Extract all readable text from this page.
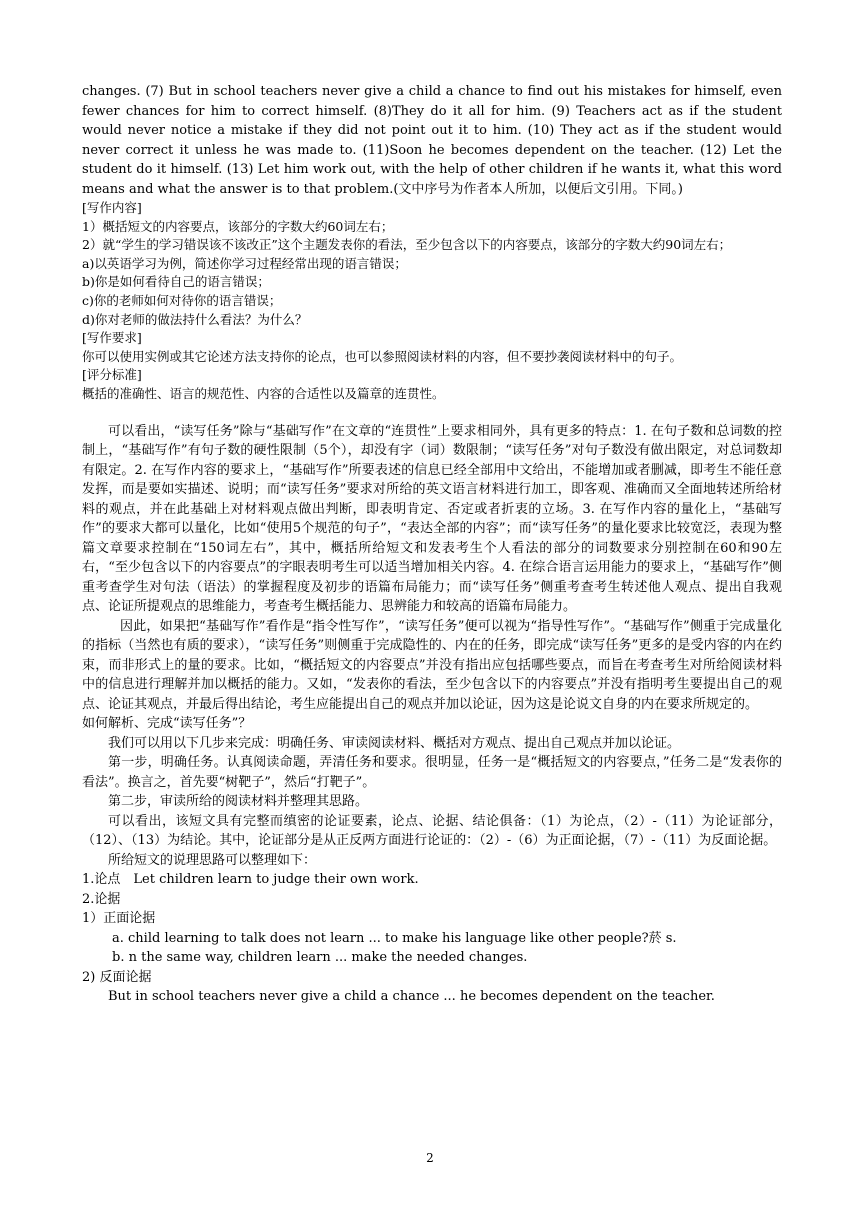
changes. (7) But in school teachers never give a child a chance to find out his mistakes for himself, even fewer chances for him to correct himself. (8)They do it all for him. (9) Teachers act as if the student would never notice a mistake if they did not point out it to him. (10) They act as if the student would never correct it unless he was made to. (11)Soon he becomes dependent on the teacher. (12) Let the student do it himself. (13) Let him work out, with the help of other children if he wants it, what this word means and what the answer is to that problem.(文中序号为作者本人所加，以便后文引用。下同。)

[写作内容]

1）概括短文的内容要点，该部分的字数大约60词左右；

2）就“学生的学习错误该不该改正”这个主题发表你的看法，至少包含以下的内容要点，该部分的字数大约90词左右；

a)以英语学习为例，简述你学习过程经常出现的语言错误；

b)你是如何看待自己的语言错误；

c)你的老师如何对待你的语言错误；

d)你对老师的做法持什么看法？为什么？

[写作要求]

你可以使用实例或其它论述方法支持你的论点，也可以参照阅读材料的内容，但不要抄袭阅读材料中的句子。

[评分标准]

概括的准确性、语言的规范性、内容的合适性以及篇章的连贯性。

可以看出，“读写任务”除与“基础写作”在文章的“连贯性”上要求相同外，具有更多的特点：1. 在句子数和总词数的控制上，“基础写作”有句子数的硬性限制（5个），却没有字（词）数限制；“读写任务”对句子数没有做出限定，对总词数却有限定。2. 在写作内容的要求上，“基础写作”所要表述的信息已经全部用中文给出，不能增加或者删减，即考生不能任意发挥，而是要如实描述、说明；而“读写任务”要求对所给的英文语言材料进行加工，即客观、准确而又全面地转述所给材料的观点，并在此基础上对材料观点做出判断，即表明肯定、否定或者折衷的立场。3. 在写作内容的量化上，“基础写作”的要求大都可以量化，比如“使用5个规范的句子”，“表达全部的内容”；而“读写任务”的量化要求比较宽泛，表现为整篇文章要求控制在“150词左右”，其中，概括所给短文和发表考生个人看法的部分的词数要求分别控制在60和90左右，“至少包含以下的内容要点”的字眼表明考生可以适当增加相关内容。4. 在综合语言运用能力的要求上，“基础写作”侧重考查学生对句法（语法）的掌握程度及初步的语篇布局能力；而“读写任务”侧重考查考生转述他人观点、提出自我观点、论证所提观点的思维能力，考查考生概括能力、思辨能力和较高的语篇布局能力。

因此，如果把“基础写作”看作是“指令性写作”，“读写任务”便可以视为“指导性写作”。“基础写作”侧重于完成量化的指标（当然也有质的要求），“读写任务”则侧重于完成隐性的、内在的任务，即完成“读写任务”更多的是受内容的内在约束，而非形式上的量的要求。比如，“概括短文的内容要点”并没有指出应包括哪些要点，而旨在考查考生对所给阅读材料中的信息进行理解并加以概括的能力。又如，“发表你的看法，至少包含以下的内容要点”并没有指明考生要提出自己的观点、论证其观点，并最后得出结论，考生应能提出自己的观点并加以论证，因为这是论说文自身的内在要求所规定的。

如何解析、完成“读写任务”？

我们可以用以下几步来完成：明确任务、审读阅读材料、概括对方观点、提出自己观点并加以论证。

第一步，明确任务。认真阅读命题，弄清任务和要求。很明显，任务一是“概括短文的内容要点，”任务二是“发表你的看法”。换言之，首先要“树靶子”，然后“打靶子”。

第二步，审读所给的阅读材料并整理其思路。

可以看出，该短文具有完整而缜密的论证要素，论点、论据、结论俱备：（1）为论点，（2）-（11）为论证部分，（12）、（13）为结论。其中，论证部分是从正反两方面进行论证的：（2）-（6）为正面论据，（7）-（11）为反面论据。

所给短文的说理思路可以整理如下：

1.论点　Let children learn to judge their own work.

2.论据

1）正面论据

a. child learning to talk does not learn ... to make his language like other people?菸 s.

b. n the same way, children learn ... make the needed changes.

2) 反面论据

But in school teachers never give a child a chance ... he becomes dependent on the teacher.

2
